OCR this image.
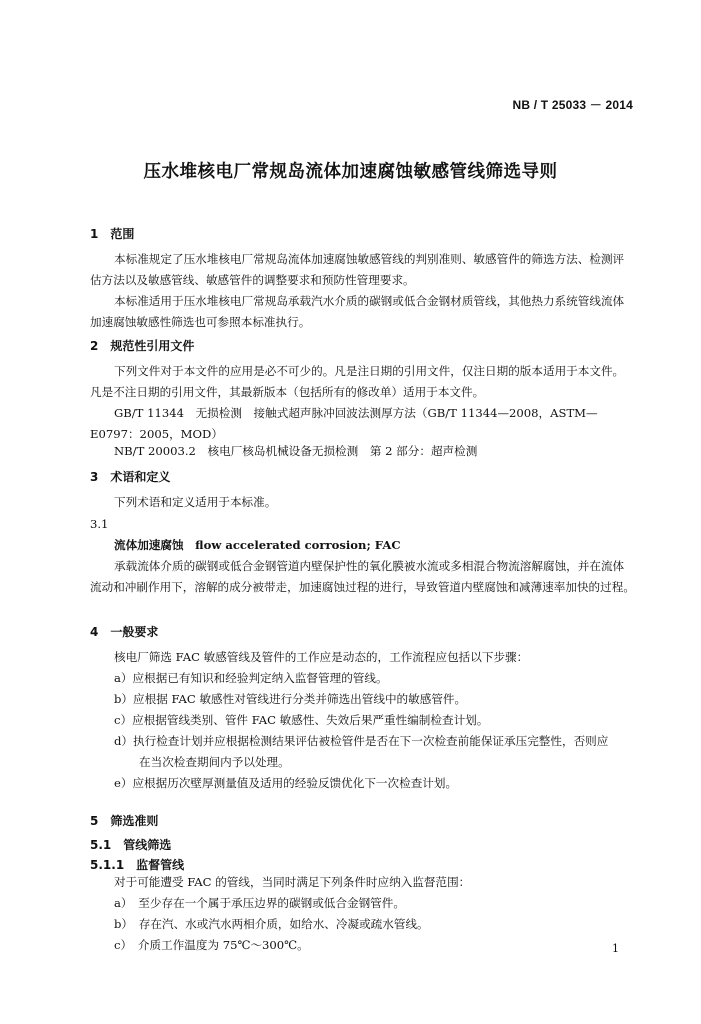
NB / T 25033 － 2014
压水堆核电厂常规岛流体加速腐蚀敏感管线筛选导则
1　范围
本标准规定了压水堆核电厂常规岛流体加速腐蚀敏感管线的判别准则、敏感管件的筛选方法、检测评估方法以及敏感管线、敏感管件的调整要求和预防性管理要求。
本标准适用于压水堆核电厂常规岛承载汽水介质的碳钢或低合金钢材质管线，其他热力系统管线流体加速腐蚀敏感性筛选也可参照本标准执行。
2　规范性引用文件
下列文件对于本文件的应用是必不可少的。凡是注日期的引用文件，仅注日期的版本适用于本文件。凡是不注日期的引用文件，其最新版本（包括所有的修改单）适用于本文件。
GB/T 11344　无损检测　接触式超声脉冲回波法测厚方法（GB/T 11344—2008，ASTM—E0797：2005，MOD）
NB/T 20003.2　核电厂核岛机械设备无损检测　第 2 部分：超声检测
3　术语和定义
下列术语和定义适用于本标准。
3.1
流体加速腐蚀　flow accelerated corrosion; FAC
承载流体介质的碳钢或低合金钢管道内壁保护性的氧化膜被水流或多相混合物流溶解腐蚀，并在流体流动和冲刷作用下，溶解的成分被带走，加速腐蚀过程的进行，导致管道内壁腐蚀和减薄速率加快的过程。
4　一般要求
核电厂筛选 FAC 敏感管线及管件的工作应是动态的，工作流程应包括以下步骤：
a）应根据已有知识和经验判定纳入监督管理的管线。
b）应根据 FAC 敏感性对管线进行分类并筛选出管线中的敏感管件。
c）应根据管线类别、管件 FAC 敏感性、失效后果严重性编制检查计划。
d）执行检查计划并应根据检测结果评估被检管件是否在下一次检查前能保证承压完整性，否则应
在当次检查期间内予以处理。
e）应根据历次壁厚测量值及适用的经验反馈优化下一次检查计划。
5　筛选准则
5.1　管线筛选
5.1.1　监督管线
对于可能遭受 FAC 的管线，当同时满足下列条件时应纳入监督范围：
a）　至少存在一个属于承压边界的碳钢或低合金钢管件。
b）　存在汽、水或汽水两相介质，如给水、冷凝或疏水管线。
c）　介质工作温度为 75℃～300℃。	1
